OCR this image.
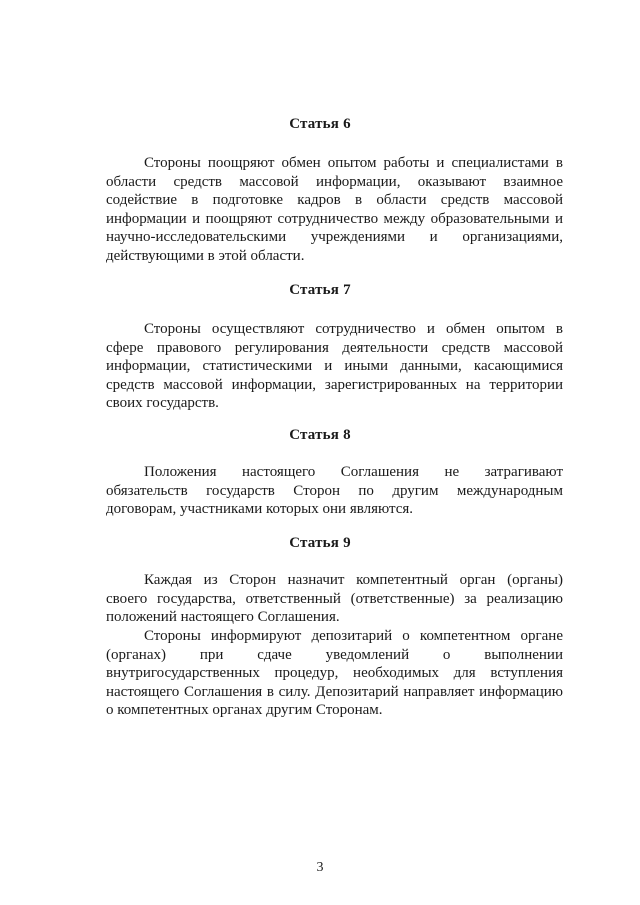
Статья 6
Стороны поощряют обмен опытом работы и специалистами в
области средств массовой информации, оказывают взаимное
содействие в подготовке кадров в области средств массовой
информации и поощряют сотрудничество между образовательными и
научно-исследовательскими учреждениями и организациями,
действующими в этой области.
Статья 7
Стороны осуществляют сотрудничество и обмен опытом в
сфере правового регулирования деятельности средств массовой
информации, статистическими и иными данными, касающимися
средств массовой информации, зарегистрированных на территории
своих государств.
Статья 8
Положения настоящего Соглашения не затрагивают
обязательств государств Сторон по другим международным
договорам, участниками которых они являются.
Статья 9
Каждая из Сторон назначит компетентный орган (органы)
своего государства, ответственный (ответственные) за реализацию
положений настоящего Соглашения.
Стороны информируют депозитарий о компетентном органе
(органах) при сдаче уведомлений о выполнении
внутригосударственных процедур, необходимых для вступления
настоящего Соглашения в силу. Депозитарий направляет информацию
о компетентных органах другим Сторонам.
3
